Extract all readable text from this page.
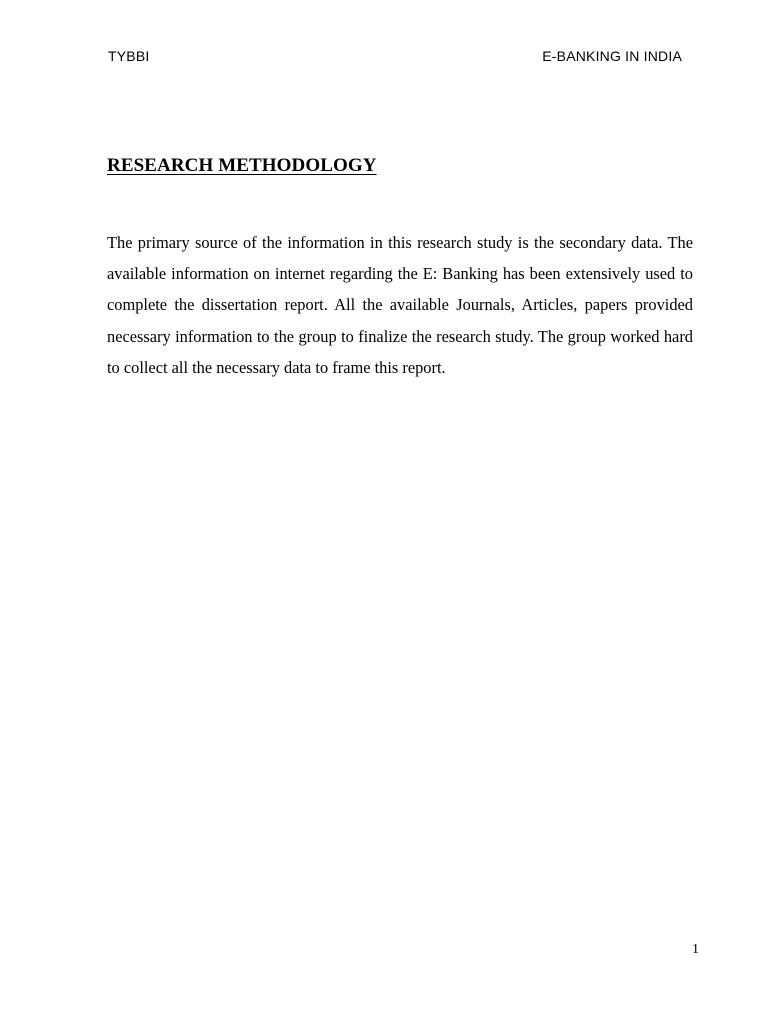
TYBBI	E-BANKING IN INDIA
RESEARCH METHODOLOGY

The primary source of the information in this research study is the secondary data. The available information on internet regarding the E: Banking has been extensively used to complete the dissertation report. All the available Journals, Articles, papers provided necessary information to the group to finalize the research study. The group worked hard to collect all the necessary data to frame this report.

1
